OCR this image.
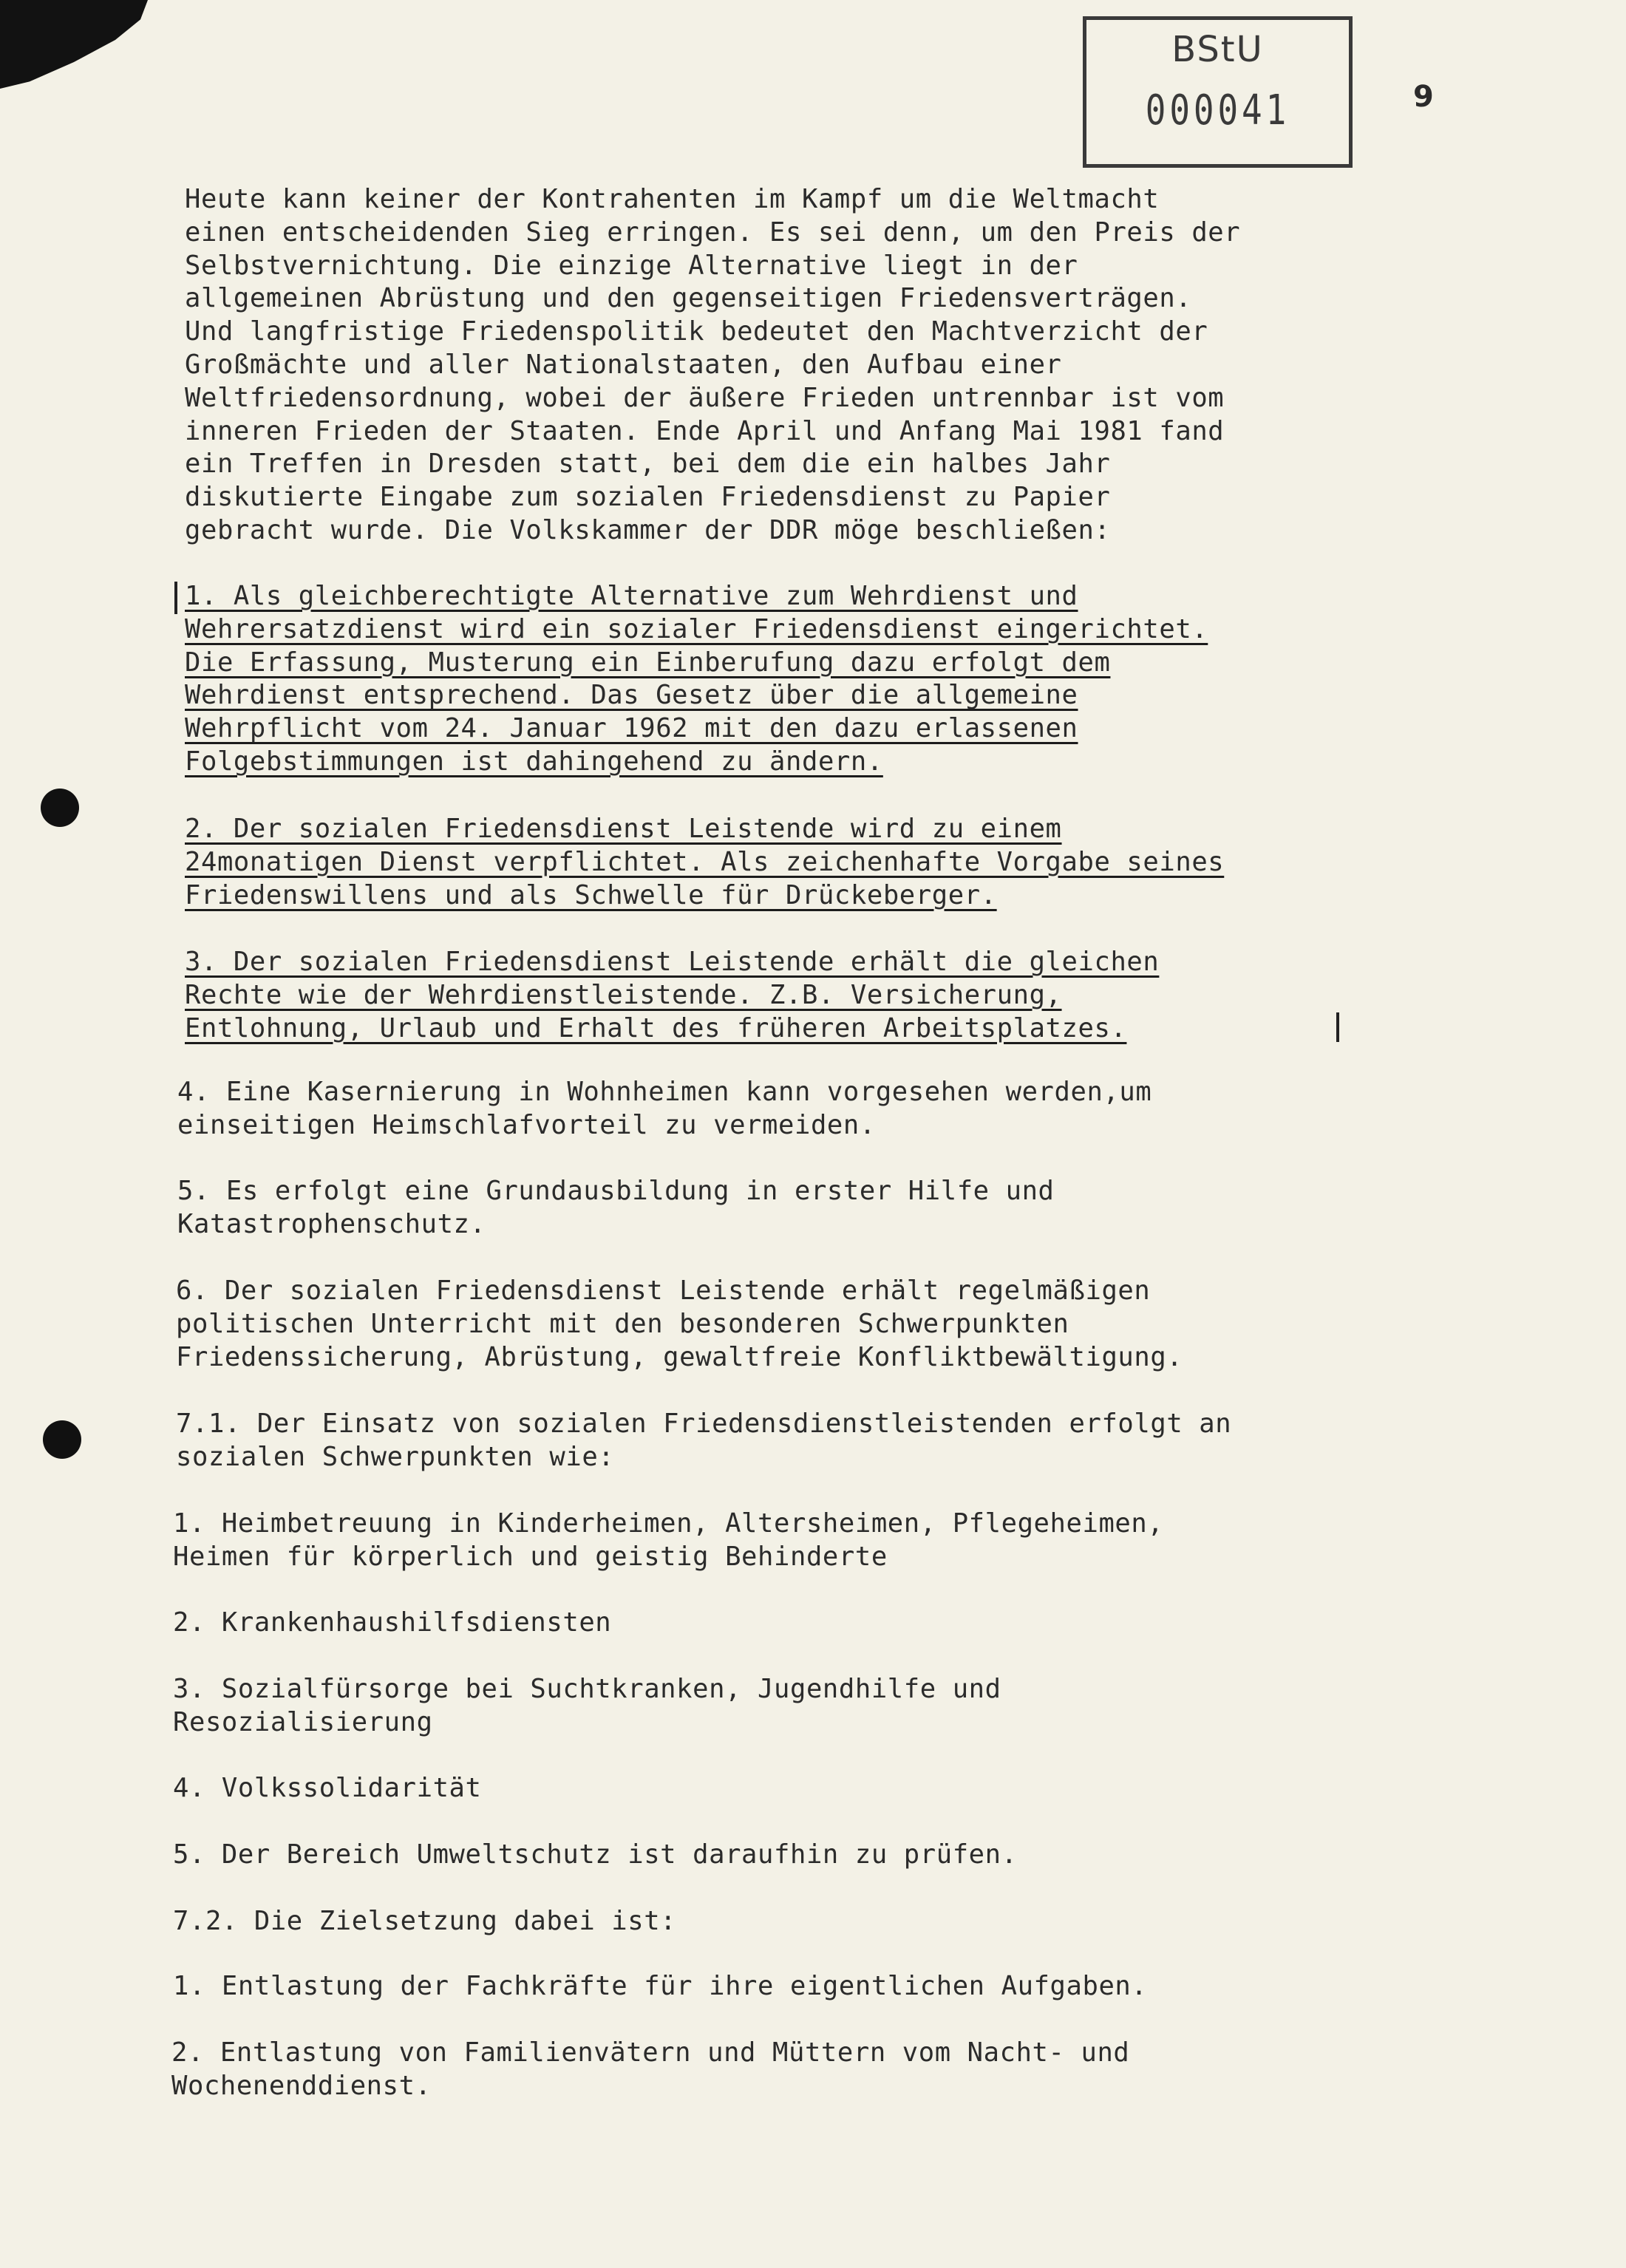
BStU
000041	9
Heute kann keiner der Kontrahenten im Kampf um die Weltmacht
einen entscheidenden Sieg erringen. Es sei denn, um den Preis der
Selbstvernichtung. Die einzige Alternative liegt in der
allgemeinen Abrüstung und den gegenseitigen Friedensverträgen.
Und langfristige Friedenspolitik bedeutet den Machtverzicht der
Großmächte und aller Nationalstaaten, den Aufbau einer
Weltfriedensordnung, wobei der äußere Frieden untrennbar ist vom
inneren Frieden der Staaten. Ende April und Anfang Mai 1981 fand
ein Treffen in Dresden statt, bei dem die ein halbes Jahr
diskutierte Eingabe zum sozialen Friedensdienst zu Papier
gebracht wurde. Die Volkskammer der DDR möge beschließen:
1. Als gleichberechtigte Alternative zum Wehrdienst und
Wehrersatzdienst wird ein sozialer Friedensdienst eingerichtet.
Die Erfassung, Musterung ein Einberufung dazu erfolgt dem
Wehrdienst entsprechend. Das Gesetz über die allgemeine
Wehrpflicht vom 24. Januar 1962 mit den dazu erlassenen
Folgebstimmungen ist dahingehend zu ändern.
2. Der sozialen Friedensdienst Leistende wird zu einem
24monatigen Dienst verpflichtet. Als zeichenhafte Vorgabe seines
Friedenswillens und als Schwelle für Drückeberger.
3. Der sozialen Friedensdienst Leistende erhält die gleichen
Rechte wie der Wehrdienstleistende. Z.B. Versicherung,
Entlohnung, Urlaub und Erhalt des früheren Arbeitsplatzes.
4. Eine Kasernierung in Wohnheimen kann vorgesehen werden,um
einseitigen Heimschlafvorteil zu vermeiden.
5. Es erfolgt eine Grundausbildung in erster Hilfe und
Katastrophenschutz.
6. Der sozialen Friedensdienst Leistende erhält regelmäßigen
politischen Unterricht mit den besonderen Schwerpunkten
Friedenssicherung, Abrüstung, gewaltfreie Konfliktbewältigung.
7.1. Der Einsatz von sozialen Friedensdienstleistenden erfolgt an
sozialen Schwerpunkten wie:
1. Heimbetreuung in Kinderheimen, Altersheimen, Pflegeheimen,
Heimen für körperlich und geistig Behinderte
2. Krankenhaushilfsdiensten
3. Sozialfürsorge bei Suchtkranken, Jugendhilfe und
Resozialisierung
4. Volkssolidarität
5. Der Bereich Umweltschutz ist daraufhin zu prüfen.
7.2. Die Zielsetzung dabei ist:
1. Entlastung der Fachkräfte für ihre eigentlichen Aufgaben.
2. Entlastung von Familienvätern und Müttern vom Nacht- und
Wochenenddienst.
